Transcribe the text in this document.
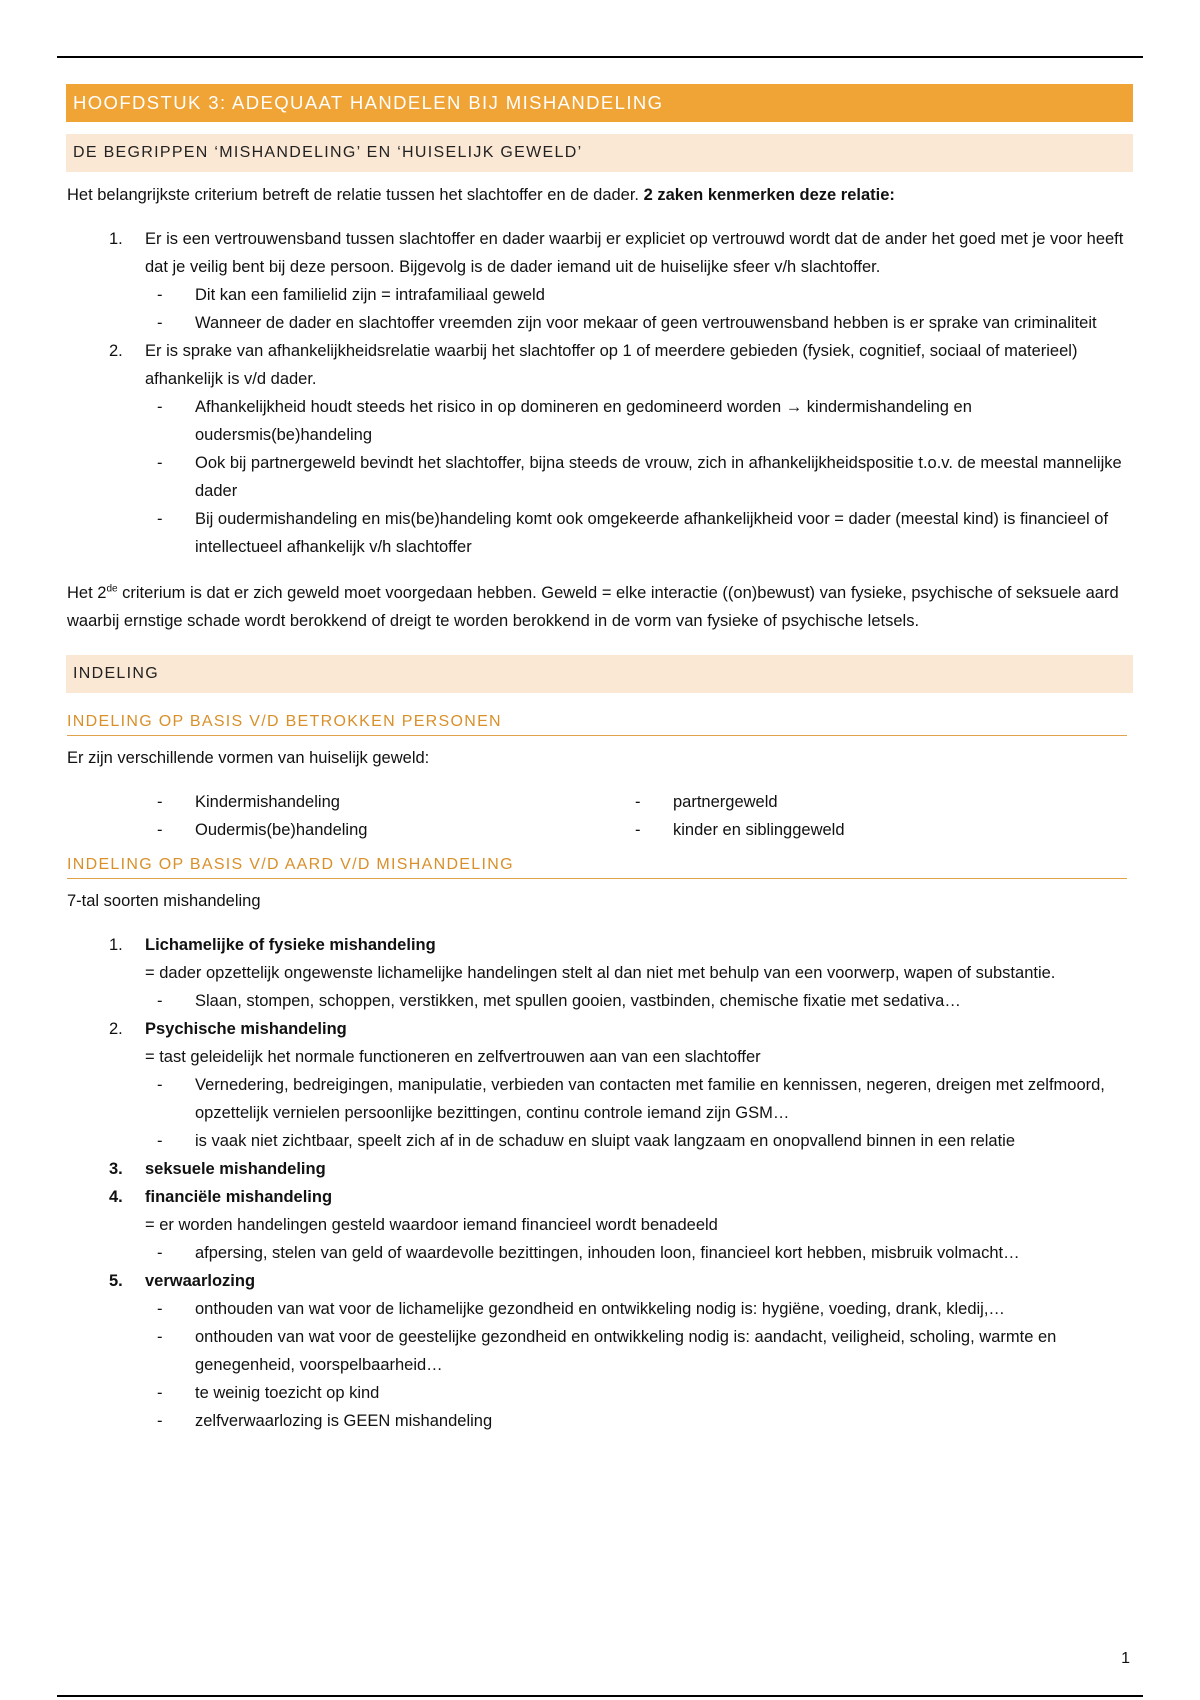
HOOFDSTUK 3: ADEQUAAT HANDELEN BIJ MISHANDELING
DE BEGRIPPEN ‘MISHANDELING’ EN ‘HUISELIJK GEWELD’

Het belangrijkste criterium betreft de relatie tussen het slachtoffer en de dader. 2 zaken kenmerken deze relatie:

1. Er is een vertrouwensband tussen slachtoffer en dader waarbij er expliciet op vertrouwd wordt dat de ander het goed met je voor heeft dat je veilig bent bij deze persoon. Bijgevolg is de dader iemand uit de huiselijke sfeer v/h slachtoffer.
- Dit kan een familielid zijn = intrafamiliaal geweld
- Wanneer de dader en slachtoffer vreemden zijn voor mekaar of geen vertrouwensband hebben is er sprake van criminaliteit
2. Er is sprake van afhankelijkheidsrelatie waarbij het slachtoffer op 1 of meerdere gebieden (fysiek, cognitief, sociaal of materieel) afhankelijk is v/d dader.
- Afhankelijkheid houdt steeds het risico in op domineren en gedomineerd worden → kindermishandeling en oudersmis(be)handeling
- Ook bij partnergeweld bevindt het slachtoffer, bijna steeds de vrouw, zich in afhankelijkheidspositie t.o.v. de meestal mannelijke dader
- Bij oudermishandeling en mis(be)handeling komt ook omgekeerde afhankelijkheid voor = dader (meestal kind) is financieel of intellectueel afhankelijk v/h slachtoffer

Het 2de criterium is dat er zich geweld moet voorgedaan hebben. Geweld = elke interactie ((on)bewust) van fysieke, psychische of seksuele aard waarbij ernstige schade wordt berokkend of dreigt te worden berokkend in de vorm van fysieke of psychische letsels.

INDELING
INDELING OP BASIS V/D BETROKKEN PERSONEN

Er zijn verschillende vormen van huiselijk geweld:

- Kindermishandeling
- Oudermis(be)handeling
- partnergeweld
- kinder en siblinggeweld
INDELING OP BASIS V/D AARD V/D MISHANDELING

7-tal soorten mishandeling

1. Lichamelijke of fysieke mishandeling
= dader opzettelijk ongewenste lichamelijke handelingen stelt al dan niet met behulp van een voorwerp, wapen of substantie.
- Slaan, stompen, schoppen, verstikken, met spullen gooien, vastbinden, chemische fixatie met sedativa…
2. Psychische mishandeling
= tast geleidelijk het normale functioneren en zelfvertrouwen aan van een slachtoffer
- Vernedering, bedreigingen, manipulatie, verbieden van contacten met familie en kennissen, negeren, dreigen met zelfmoord, opzettelijk vernielen persoonlijke bezittingen, continu controle iemand zijn GSM…
- is vaak niet zichtbaar, speelt zich af in de schaduw en sluipt vaak langzaam en onopvallend binnen in een relatie
3. seksuele mishandeling
4. financiële mishandeling
= er worden handelingen gesteld waardoor iemand financieel wordt benadeeld
- afpersing, stelen van geld of waardevolle bezittingen, inhouden loon, financieel kort hebben, misbruik volmacht…
5. verwaarlozing
- onthouden van wat voor de lichamelijke gezondheid en ontwikkeling nodig is: hygiëne, voeding, drank, kledij,…
- onthouden van wat voor de geestelijke gezondheid en ontwikkeling nodig is: aandacht, veiligheid, scholing, warmte en genegenheid, voorspelbaarheid…
- te weinig toezicht op kind
- zelfverwaarlozing is GEEN mishandeling
1
